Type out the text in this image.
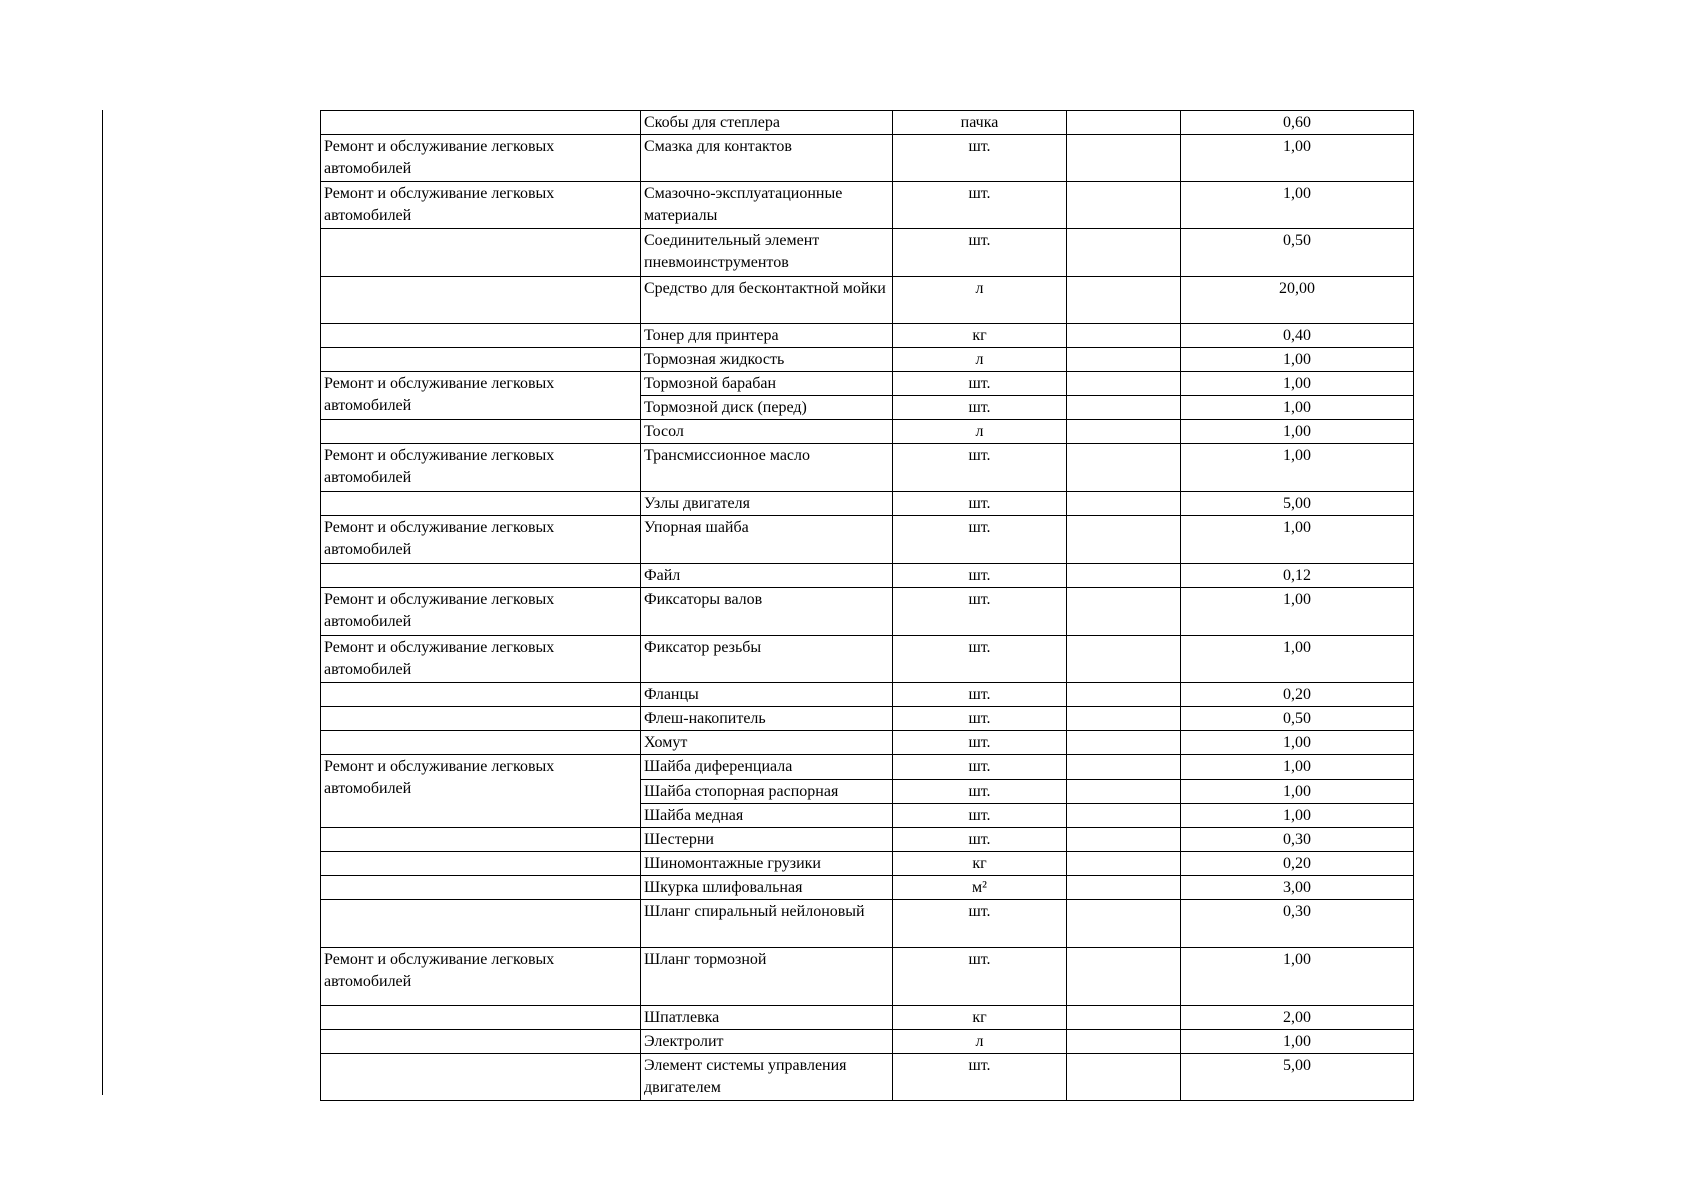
	Скобы для степлера	пачка		0,60
Ремонт и обслуживание легковых автомобилей	Смазка для контактов	шт.		1,00
Ремонт и обслуживание легковых автомобилей	Смазочно-эксплуатационные материалы	шт.		1,00
	Соединительный элемент пневмоинструментов	шт.		0,50
	Средство для бесконтактной мойки	л		20,00
	Тонер для принтера	кг		0,40
	Тормозная жидкость	л		1,00
Ремонт и обслуживание легковых автомобилей	Тормозной барабан	шт.		1,00
	Тормозной диск (перед)	шт.		1,00
	Тосол	л		1,00
Ремонт и обслуживание легковых автомобилей	Трансмиссионное масло	шт.		1,00
	Узлы двигателя	шт.		5,00
Ремонт и обслуживание легковых автомобилей	Упорная шайба	шт.		1,00
	Файл	шт.		0,12
Ремонт и обслуживание легковых автомобилей	Фиксаторы валов	шт.		1,00
Ремонт и обслуживание легковых автомобилей	Фиксатор резьбы	шт.		1,00
	Фланцы	шт.		0,20
	Флеш-накопитель	шт.		0,50
	Хомут	шт.		1,00
Ремонт и обслуживание легковых автомобилей	Шайба диференциала	шт.		1,00
	Шайба стопорная распорная	шт.		1,00
	Шайба медная	шт.		1,00
	Шестерни	шт.		0,30
	Шиномонтажные грузики	кг		0,20
	Шкурка шлифовальная	м²		3,00
	Шланг спиральный нейлоновый	шт.		0,30
Ремонт и обслуживание легковых автомобилей	Шланг тормозной	шт.		1,00
	Шпатлевка	кг		2,00
	Электролит	л		1,00
	Элемент системы управления двигателем	шт.		5,00
